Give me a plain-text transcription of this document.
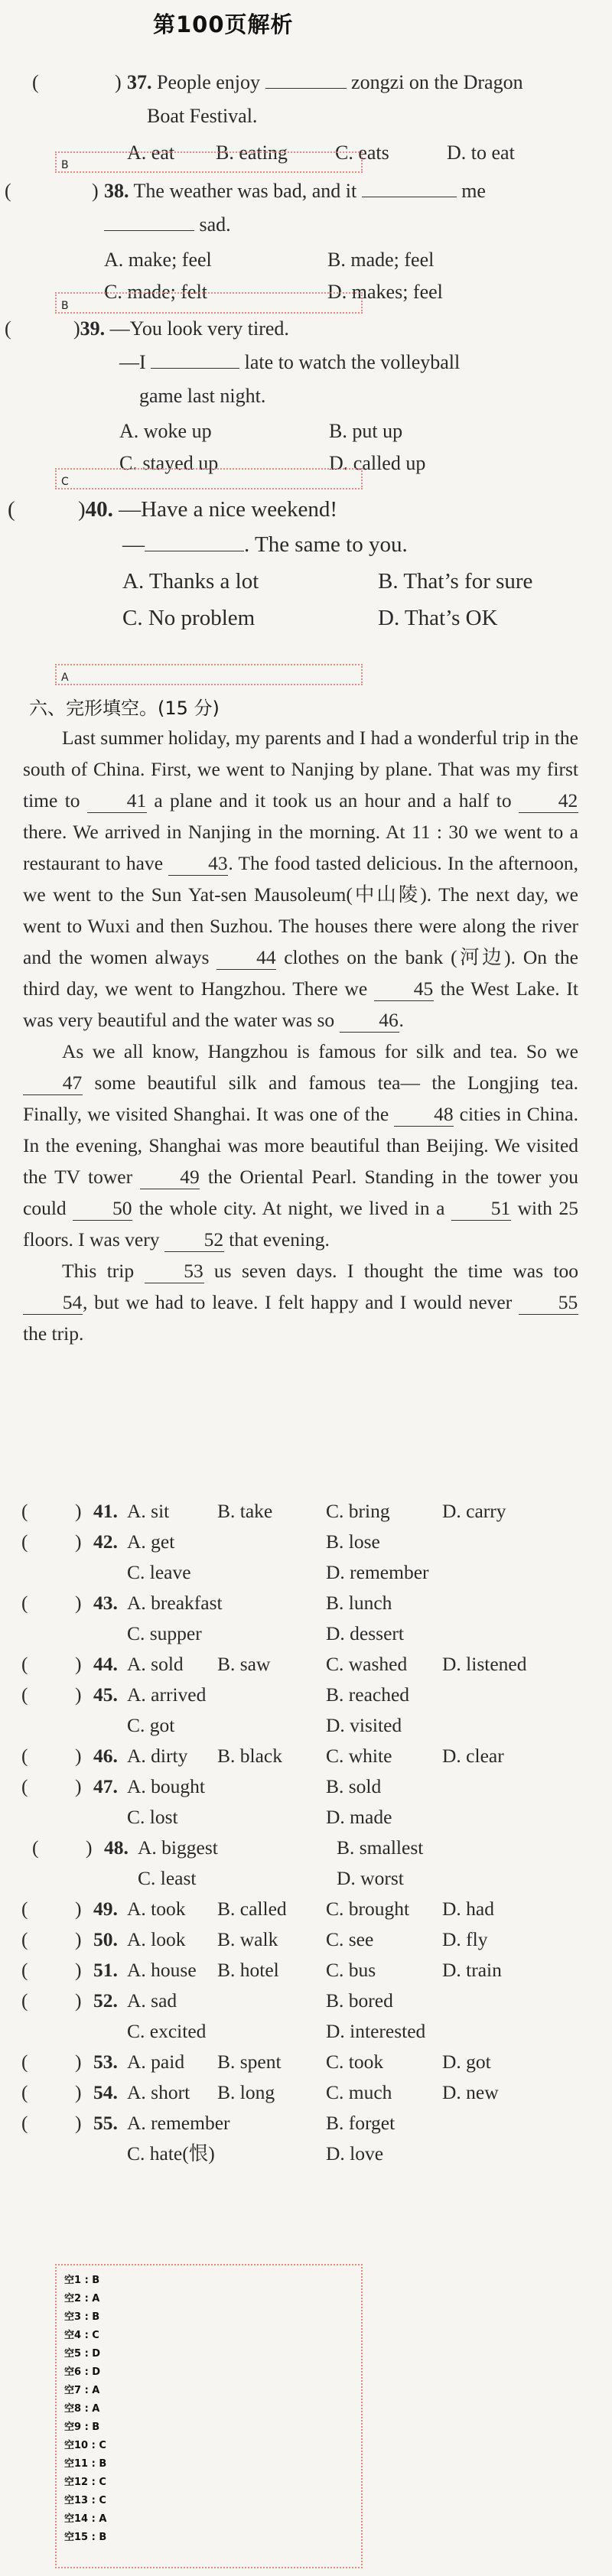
第100页解析
(	) 37. People enjoy	zongzi on the Dragon
Boat Festival.
A. eat B. eating C. eats	D. to eat
B
(	) 38. The weather was bad, and it	me
sad.
A. make; feel	B. made; feel
C. made; felt	D. makes; feel
B
(	)39. —You look very tired.
—I	late to watch the volleyball
game last night.
A. woke up	B. put up
C. stayed up	D. called up
C
(	)40. —Have a nice weekend!
—	. The same to you.
A. Thanks a lot	B. That’s for sure
C. No problem	D. That’s OK
A
六、完形填空。(15 分)

Last summer holiday, my parents and I had a wonderful trip in the south of China. First, we went to Nanjing by plane. That was my first time to 41 a plane and it took us an hour and a half to 42 there. We arrived in Nanjing in the morning. At 11 : 30 we went to a restaurant to have 43. The food tasted delicious. In the afternoon, we went to the Sun Yat-sen Mausoleum(中山陵). The next day, we went to Wuxi and then Suzhou. The houses there were along the river and the women always 44 clothes on the bank (河边). On the third day, we went to Hangzhou. There we 45 the West Lake. It was very beautiful and the water was so 46.

As we all know, Hangzhou is famous for silk and tea. So we 47 some beautiful silk and famous tea— the Longjing tea. Finally, we visited Shanghai. It was one of the 48 cities in China. In the evening, Shanghai was more beautiful than Beijing. We visited the TV tower 49 the Oriental Pearl. Standing in the tower you could 50 the whole city. At night, we lived in a 51 with 25 floors. I was very 52 that evening.

This trip	53 us seven days. I thought the time was too 54, but we had to leave. I felt happy and I would never 55 the trip.

( ) 41. A. sit B. take	C. bring	D. carry
( ) 42. A. get	B. lose
C. leave	D. remember
( ) 43. A. breakfast	B. lunch
C. supper	D. dessert
( ) 44. A. sold B. saw	C. washed D. listened
( ) 45. A. arrived	B. reached
C. got	D. visited
( ) 46. A. dirty B. black C. white	D. clear
( ) 47. A. bought	B. sold
C. lost	D. made
( ) 48. A. biggest	B. smallest
C. least	D. worst
( ) 49. A. took B. called C. brought D. had
( ) 50. A. look B. walk C. see	D. fly
( ) 51. A. house B. hotel C. bus	D. train
( ) 52. A. sad	B. bored
C. excited	D. interested
( ) 53. A. paid B. spent C. took	D. got
( ) 54. A. short B. long	C. much	D. new
( ) 55. A. remember	B. forget
C. hate(恨)	D. love
空1 : B
空2 : A
空3 : B
空4 : C
空5 : D
空6 : D
空7 : A
空8 : A
空9 : B
空10 : C
空11 : B
空12 : C
空13 : C
空14 : A
空15 : B
